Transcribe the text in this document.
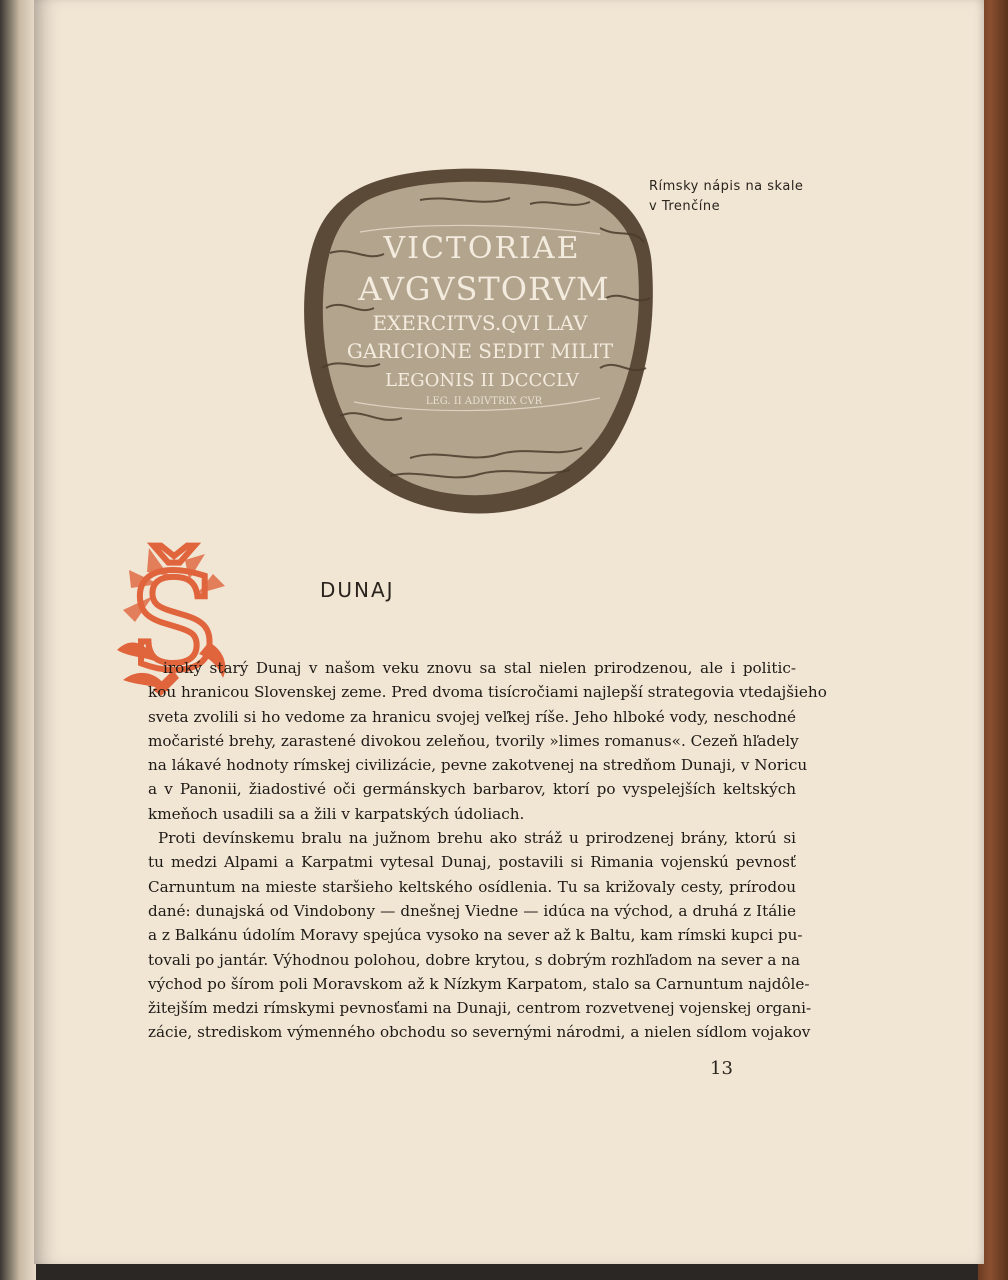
VICTORIAE
AVGVSTORVM
EXERCITVS.QVI LAV
GARICIONE SEDIT MILIT
LEGONIS II DCCCLV
LEG. II ADIVTRIX CVR
Rímsky nápis na skale
v Trenčíne
Š	DUNAJ
iroký starý Dunaj v našom veku znovu sa stal nielen prirodzenou, ale i politic-
kou hranicou Slovenskej zeme. Pred dvoma tisícročiami najlepší strategovia vtedajšieho
sveta zvolili si ho vedome za hranicu svojej veľkej ríše. Jeho hlboké vody, neschodné
močaristé brehy, zarastené divokou zeleňou, tvorily »limes romanus«. Cezeň hľadely
na lákavé hodnoty rímskej civilizácie, pevne zakotvenej na stredňom Dunaji, v Noricu
a v Panonii, žiadostivé oči germánskych barbarov, ktorí po vyspelejších keltských
kmeňoch usadili sa a žili v karpatských údoliach.
Proti devínskemu bralu na južnom brehu ako stráž u prirodzenej brány, ktorú si
tu medzi Alpami a Karpatmi vytesal Dunaj, postavili si Rimania vojenskú pevnosť
Carnuntum na mieste staršieho keltského osídlenia. Tu sa križovaly cesty, prírodou
dané: dunajská od Vindobony — dnešnej Viedne — idúca na východ, a druhá z Itálie
a z Balkánu údolím Moravy spejúca vysoko na sever až k Baltu, kam rímski kupci pu-
tovali po jantár. Výhodnou polohou, dobre krytou, s dobrým rozhľadom na sever a na
východ po šírom poli Moravskom až k Nízkym Karpatom, stalo sa Carnuntum najdôle-
žitejším medzi rímskymi pevnosťami na Dunaji, centrom rozvetvenej vojenskej organi-
zácie, strediskom výmenného obchodu so severnými národmi, a nielen sídlom vojakov
13
